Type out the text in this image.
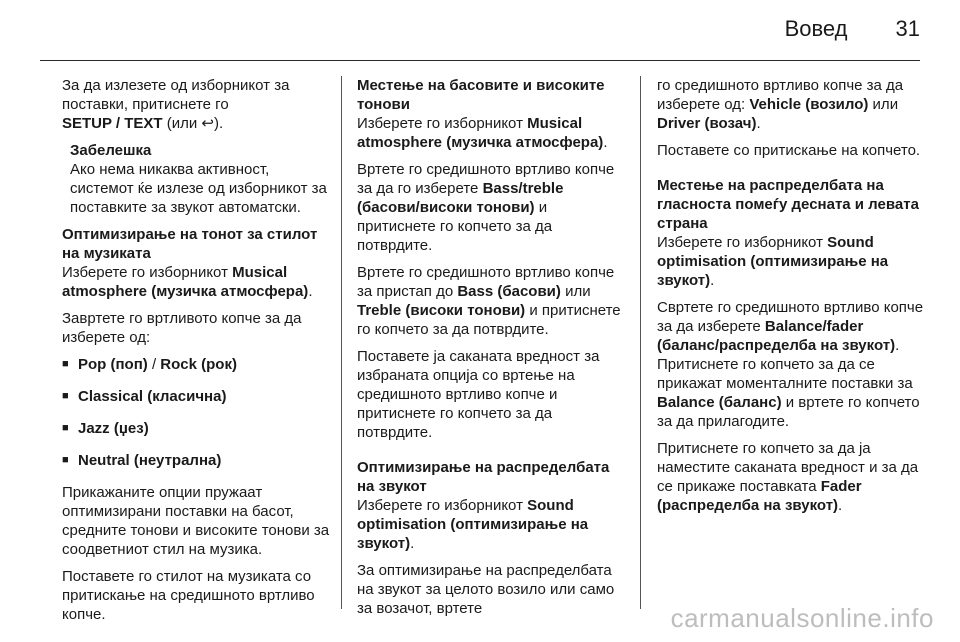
Вовед 31

За да излезете од изборникот за поставки, притиснете го
SETUP / TEXT (или ↩).

Забелешка

Ако нема никаква активност, системот ќе излезе од изборникот за поставките за звукот автоматски.

Оптимизирање на тонот за стилот на музиката

Изберете го изборникот Musical atmosphere (музичка атмосфера).

Завртете го вртливото копче за да изберете од:

■ Pop (поп) / Rock (рок)
■ Classical (класична)
■ Jazz (џез)
■ Neutral (неутрална)

Прикажаните опции пружаат оптимизирани поставки на басот, средните тонови и високите тонови за соодветниот стил на музика.

Поставете го стилот на музиката со притискање на средишното вртливо копче.

Местење на басовите и високите тонови

Изберете го изборникот Musical atmosphere (музичка атмосфера).

Вртете го средишното вртливо копче за да го изберете Bass/treble (басови/високи тонови) и притиснете го копчето за да потврдите.

Вртете го средишното вртливо копче за пристап до Bass (басови) или Treble (високи тонови) и притиснете го копчето за да потврдите.

Поставете ја саканата вредност за избраната опција со вртење на средишното вртливо копче и притиснете го копчето за да потврдите.

Оптимизирање на распределбата на звукот

Изберете го изборникот Sound optimisation (оптимизирање на звукот).

За оптимизирање на распределбата на звукот за целото возило или само за возачот, вртете

го средишното вртливо копче за да изберете од: Vehicle (возило) или Driver (возач).

Поставете со притискање на копчето.

Местење на распределбата на гласноста помеѓу десната и левата страна

Изберете го изборникот Sound optimisation (оптимизирање на звукот).

Свртете го средишното вртливо копче за да изберете Balance/fader (баланс/распределба на звукот). Притиснете го копчето за да се прикажат моменталните поставки за Balance (баланс) и вртете го копчето за да прилагодите.

Притиснете го копчето за да ја наместите саканата вредност и за да се прикаже поставката Fader (распределба на звукот).

carmanualsonline.info
